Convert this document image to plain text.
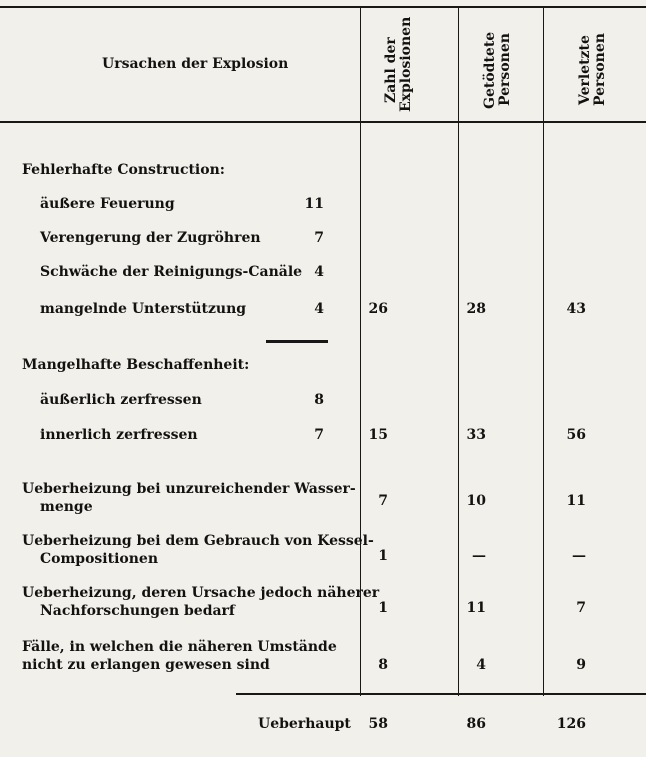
Ursachen der Explosion	Zahl der Explosionen	Getödtete Personen	Verletzte Personen
Fehlerhafte Construction:
äußere Feuerung	11
Verengerung der Zugröhren	7
Schwäche der Reinigungs-Canäle 4
mangelnde Unterstützung	4	26	28	43
Mangelhafte Beschaffenheit:
äußerlich zerfressen	8
innerlich zerfressen	7	15	33	56
Ueberheizung bei unzureichender Wasser-
menge	7	10	11
Ueberheizung bei dem Gebrauch von Kessel-
Compositionen	1	—	—
Ueberheizung, deren Ursache jedoch näherer
Nachforschungen bedarf	1	11	7
Fälle, in welchen die näheren Umstände
nicht zu erlangen gewesen sind	8	4	9
Ueberhaupt	58	86	126
